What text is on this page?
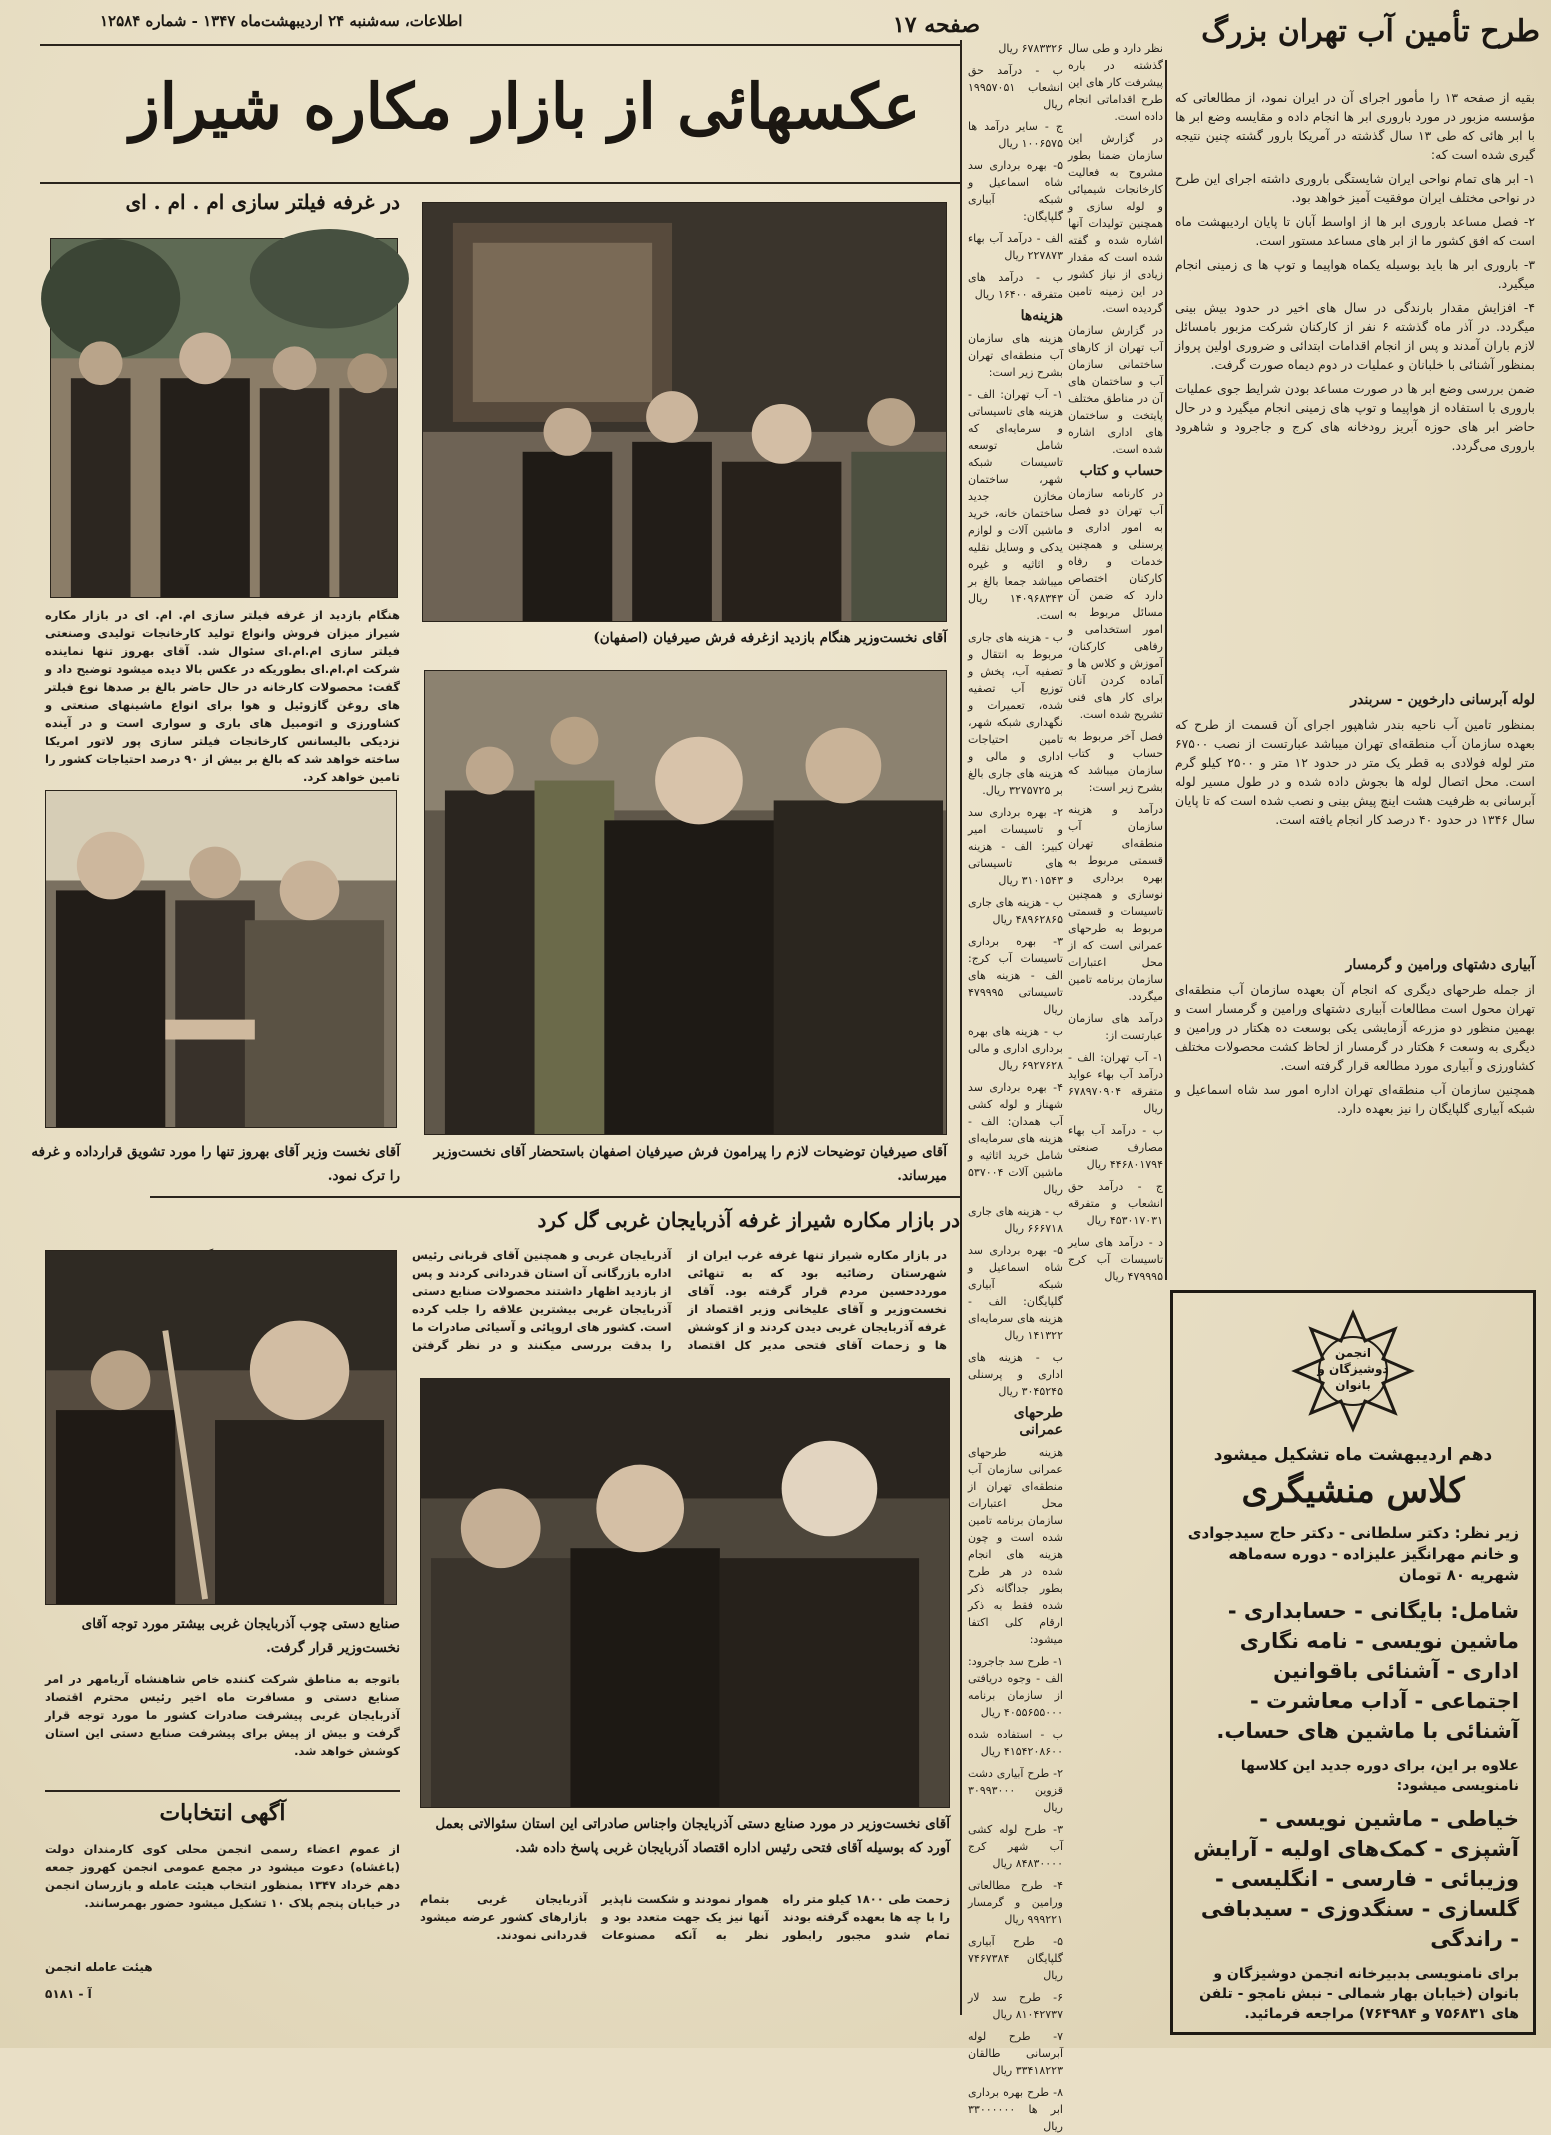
اطلاعات، سه‌شنبه ۲۴ اردیبهشت‌ماه ۱۳۴۷ - شماره ۱۲۵۸۴	صفحه ۱۷	طرح تأمین آب تهران بزرگ
عکسهائی از بازار مکاره شیراز	بقیه از صفحه ۱۳ را مأمور اجرای آن در ایران نمود، از مطالعاتی که مؤسسه مزبور در مورد باروری ابر ها انجام داده و مقایسه وضع ابر ها با ابر هائی که طی ۱۳ سال گذشته در آمریکا بارور گشته چنین نتیجه گیری شده است که:

۱- ابر های تمام نواحی ایران شایستگی باروری داشته اجرای این طرح در نواحی مختلف ایران موفقیت آمیز خواهد بود.

۲- فصل مساعد باروری ابر ها از اواسط آبان تا پایان اردیبهشت ماه است که افق کشور ما از ابر های مساعد مستور است.

۳- باروری ابر ها باید بوسیله یکماه هواپیما و توپ ها ی زمینی انجام میگیرد.

۴- افزایش مقدار بارندگی در سال های اخیر در حدود بیش بینی میگردد. در آذر ماه گذشته ۶ نفر از کارکنان شرکت مزبور بامسائل لازم باران آمدند و پس از انجام اقدامات ابتدائی و ضروری اولین پرواز بمنظور آشنائی با خلبانان و عملیات در دوم دیماه صورت گرفت.

ضمن بررسی وضع ابر ها در صورت مساعد بودن شرایط جوی عملیات باروری با استفاده از هواپیما و توپ های زمینی انجام میگیرد و در حال حاضر ابر های حوزه آبریز رودخانه های کرج و جاجرود و شاهرود باروری می‌گردد.

لوله آبرسانی دارخوین - سربندر

بمنظور تامین آب ناحیه بندر شاهپور اجرای آن قسمت از طرح که بعهده سازمان آب منطقه‌ای تهران میباشد عبارتست از نصب ۶۷۵۰۰ متر لوله فولادی به قطر یک متر در حدود ۱۲ متر و ۲۵۰۰ کیلو گرم است. محل اتصال لوله ها بجوش داده شده و در طول مسیر لوله آبرسانی به ظرفیت هشت اینچ پیش بینی و نصب شده است که تا پایان سال ۱۳۴۶ در حدود ۴۰ درصد کار انجام یافته است.

آبیاری دشتهای ورامین و گرمسار

از جمله طرحهای دیگری که انجام آن بعهده سازمان آب منطقه‌ای تهران محول است مطالعات آبیاری دشتهای ورامین و گرمسار است و بهمین منظور دو مزرعه آزمایشی یکی بوسعت ده هکتار در ورامین و دیگری به وسعت ۶ هکتار در گرمسار از لحاظ کشت محصولات مختلف کشاورزی و آبیاری مورد مطالعه قرار گرفته است.

همچنین سازمان آب منطقه‌ای تهران اداره امور سد شاه اسماعیل و شبکه آبیاری گلپایگان را نیز بعهده دارد.

نظر دارد و طی سال گذشته در باره پیشرفت کار های این طرح اقداماتی انجام داده است.

در گزارش این سازمان ضمنا بطور مشروح به فعالیت کارخانجات شیمیائی و لوله سازی و همچنین تولیدات آنها اشاره شده و گفته شده است که مقدار زیادی از نیاز کشور در این زمینه تامین گردیده است.

در گزارش سازمان آب تهران از کارهای ساختمانی سازمان آب و ساختمان های آن در مناطق مختلف پایتخت و ساختمان های اداری اشاره شده است.

حساب و کتاب

در کارنامه سازمان آب تهران دو فصل به امور اداری و پرسنلی و همچنین خدمات و رفاه کارکنان اختصاص دارد که ضمن آن مسائل مربوط به امور استخدامی و رفاهی کارکنان، آموزش و کلاس ها و آماده کردن آنان برای کار های فنی تشریح شده است.

فصل آخر مربوط به حساب و کتاب سازمان میباشد که بشرح زیر است:

درآمد و هزینه سازمان آب منطقه‌ای تهران قسمتی مربوط به بهره برداری و نوسازی و همچنین تاسیسات و قسمتی مربوط به طرحهای عمرانی است که از محل اعتبارات سازمان برنامه تامین میگردد.

درآمد های سازمان عبارتست از:

۱- آب تهران: الف - درآمد آب بهاء عواید متفرقه ۶۷۸۹۷۰۹۰۴ ریال

ب - درآمد آب بهاء مصارف صنعتی ۴۴۶۸۰۱۷۹۴ ریال

ج - درآمد حق انشعاب و متفرقه ۴۵۳۰۱۷۰۳۱ ریال

د - درآمد های سایر تاسیسات آب کرج ۴۷۹۹۹۵ ریال

۶۷۸۳۳۲۶ ریال

ب - درآمد حق انشعاب ۱۹۹۵۷۰۵۱ ریال

ج - سایر درآمد ها ۱۰۰۶۵۷۵ ریال

۵- بهره برداری سد شاه اسماعیل و شبکه آبیاری گلپایگان:

الف - درآمد آب بهاء ۲۲۷۸۷۳ ریال

ب - درآمد های متفرقه ۱۶۴۰۰ ریال

هزینه‌ها

هزینه های سازمان آب منطقه‌ای تهران بشرح زیر است:

۱- آب تهران: الف - هزینه های تاسیساتی و سرمایه‌ای که شامل توسعه تاسیسات شبکه شهر، ساختمان مخازن جدید ساختمان خانه، خرید ماشین آلات و لوازم یدکی و وسایل نقلیه و اثاثیه و غیره میباشد جمعا بالغ بر ۱۴۰۹۶۸۳۴۳ ریال است.

ب - هزینه های جاری مربوط به انتقال و تصفیه آب، پخش و توزیع آب تصفیه شده، تعمیرات و نگهداری شبکه شهر، تامین احتیاجات اداری و مالی و هزینه های جاری بالغ بر ۳۲۷۵۷۲۵ ریال.

۲- بهره برداری سد و تاسیسات امیر کبیر: الف - هزینه های تاسیساتی ۳۱۰۱۵۴۳ ریال

ب - هزینه های جاری ۴۸۹۶۲۸۶۵ ریال

۳- بهره برداری تاسیسات آب کرج: الف - هزینه های تاسیساتی ۴۷۹۹۹۵ ریال

ب - هزینه های بهره برداری اداری و مالی ۶۹۲۷۶۲۸ ریال

۴- بهره برداری سد شهناز و لوله کشی آب همدان: الف - هزینه های سرمایه‌ای شامل خرید اثاثیه و ماشین آلات ۵۳۷۰۰۴ ریال

ب - هزینه های جاری ۶۶۶۷۱۸ ریال

۵- بهره برداری سد شاه اسماعیل و شبکه آبیاری گلپایگان: الف - هزینه های سرمایه‌ای ۱۴۱۳۲۲ ریال

ب - هزینه های اداری و پرسنلی ۳۰۴۵۲۴۵ ریال

طرحهای عمرانی

هزینه طرحهای عمرانی سازمان آب منطقه‌ای تهران از محل اعتبارات سازمان برنامه تامین شده است و چون هزینه های انجام شده در هر طرح بطور جداگانه ذکر شده فقط به ذکر ارقام کلی اکتفا میشود:

۱- طرح سد جاجرود: الف - وجوه دریافتی از سازمان برنامه ۴۰۵۵۶۵۵۰۰۰ ریال

ب - استفاده شده ۴۱۵۴۲۰۸۶۰۰ ریال

۲- طرح آبیاری دشت قزوین ۳۰۹۹۳۰۰۰ ریال

۳- طرح لوله کشی آب شهر کرج ۸۴۸۳۰۰۰۰ ریال

۴- طرح مطالعاتی ورامین و گرمسار ۹۹۹۲۲۱ ریال

۵- طرح آبیاری گلپایگان ۷۴۶۷۳۸۴ ریال

۶- طرح سد لار ۸۱۰۴۲۷۳۷ ریال

۷- طرح لوله آبرسانی طالقان ۳۳۴۱۸۲۲۳ ریال

۸- طرح بهره برداری ابر ها ۳۳۰۰۰۰۰۰ ریال

در غرفه فیلتر سازی ام . ام . ای
هنگام بازدید از غرفه فیلتر سازی ام. ام. ای در بازار مکاره شیراز میزان فروش وانواع تولید کارخانجات تولیدی وصنعتی فیلتر سازی ام.ام.ای سئوال شد. آقای بهروز تنها نماینده شرکت ام.ام.ای بطوریکه در عکس بالا دیده میشود توضیح داد و گفت: محصولات کارخانه در حال حاضر بالغ بر صدها نوع فیلتر های روغن گازوئیل و هوا برای انواع ماشینهای صنعتی و کشاورزی و اتومبیل های باری و سواری است و در آینده نزدیکی بالیسانس کارخانجات فیلتر سازی پور لاتور امریکا ساخته خواهد شد که بالغ بر بیش از ۹۰ درصد احتیاجات کشور را تامین خواهد کرد.
آقای نخست‌وزیر هنگام بازدید ازغرفه فرش صیرفیان (اصفهان)
آقای نخست وزیر آقای بهروز تنها را مورد تشویق قرارداده و غرفه را ترک نمود.
آقای صیرفیان توضیحات لازم را پیرامون فرش صیرفیان اصفهان باستحضار آقای نخست‌وزیر میرساند.
در بازار مکاره شیراز غرفه آذربایجان غربی گل کرد
در بازار مکاره شیراز تنها غرفه غرب ایران از شهرستان رضائیه بود که به تنهائی مورددحسین مردم قرار گرفته بود. آقای نخست‌وزیر و آقای علیخانی وزیر اقتصاد از غرفه آذربایجان غربی دیدن کردند و از کوشش ها و زحمات آقای فتحی مدیر کل اقتصاد آذربایجان غربی و همچنین آقای قربانی رئیس اداره بازرگانی آن استان قدردانی کردند و پس از بازدید اظهار داشتند محصولات صنایع دستی آذربایجان غربی بیشترین علاقه را جلب کرده است. کشور های اروپائی و آسیائی صادرات ما را بدقت بررسی میکنند و در نظر گرفتن
صنایع دستی چوب آذربایجان غربی بیشتر مورد توجه آقای نخست‌وزیر قرار گرفت.
باتوجه به مناطق شرکت کننده خاص شاهنشاه آریامهر در امر صنایع دستی و مسافرت ماه اخیر رئیس محترم اقتصاد آذربایجان غربی پیشرفت صادرات کشور ما مورد توجه قرار گرفت و بیش از پیش برای پیشرفت صنایع دستی این استان کوشش خواهد شد.
آقای نخست‌وزیر در مورد صنایع دستی آذربایجان واجناس صادراتی این استان سئوالاتی بعمل آورد که بوسیله آقای فتحی رئیس اداره اقتصاد آذربایجان غربی پاسخ داده شد.
زحمت طی ۱۸۰۰ کیلو متر راه را با چه ها بعهده گرفته بودند تمام شدو مجبور رابطور هموار نمودند و شکست ناپذیر آنها نیز یک جهت متعدد بود و نظر به آنکه مصنوعات آذربایجان غربی بتمام بازارهای کشور عرضه میشود قدردانی نمودند.
آگهی انتخابات
از عموم اعضاء رسمی انجمن محلی کوی کارمندان دولت (باغشاه) دعوت میشود در مجمع عمومی انجمن کهروز جمعه دهم خرداد ۱۳۴۷ بمنظور انتخاب هیئت عامله و بازرسان انجمن در خیابان پنجم پلاک ۱۰ تشکیل میشود حضور بهمرسانند.
هیئت عامله انجمن
آ - ۵۱۸۱
انجمن دوشیزگان و بانوان
دهم اردیبهشت ماه تشکیل میشود
کلاس منشیگری
زیر نظر: دکتر سلطانی - دکتر حاج سیدجوادی و خانم مهرانگیز علیزاده - دوره سه‌ماهه شهریه ۸۰ تومان
شامل: بایگانی - حسابداری - ماشین نویسی - نامه نگاری اداری - آشنائی باقوانین اجتماعی - آداب معاشرت - آشنائی با ماشین های حساب.
علاوه بر این، برای دوره جدید این کلاسها نامنویسی میشود:
خیاطی - ماشین نویسی - آشپزی - کمک‌های اولیه - آرایش وزیبائی - فارسی - انگلیسی - گلسازی - سنگدوزی - سیدبافی - راندگی
برای نامنویسی بدبیرخانه انجمن دوشیزگان و بانوان (خیابان بهار شمالی - نبش نامجو - تلفن های ۷۵۶۸۳۱ و ۷۶۴۹۸۴) مراجعه فرمائید.
